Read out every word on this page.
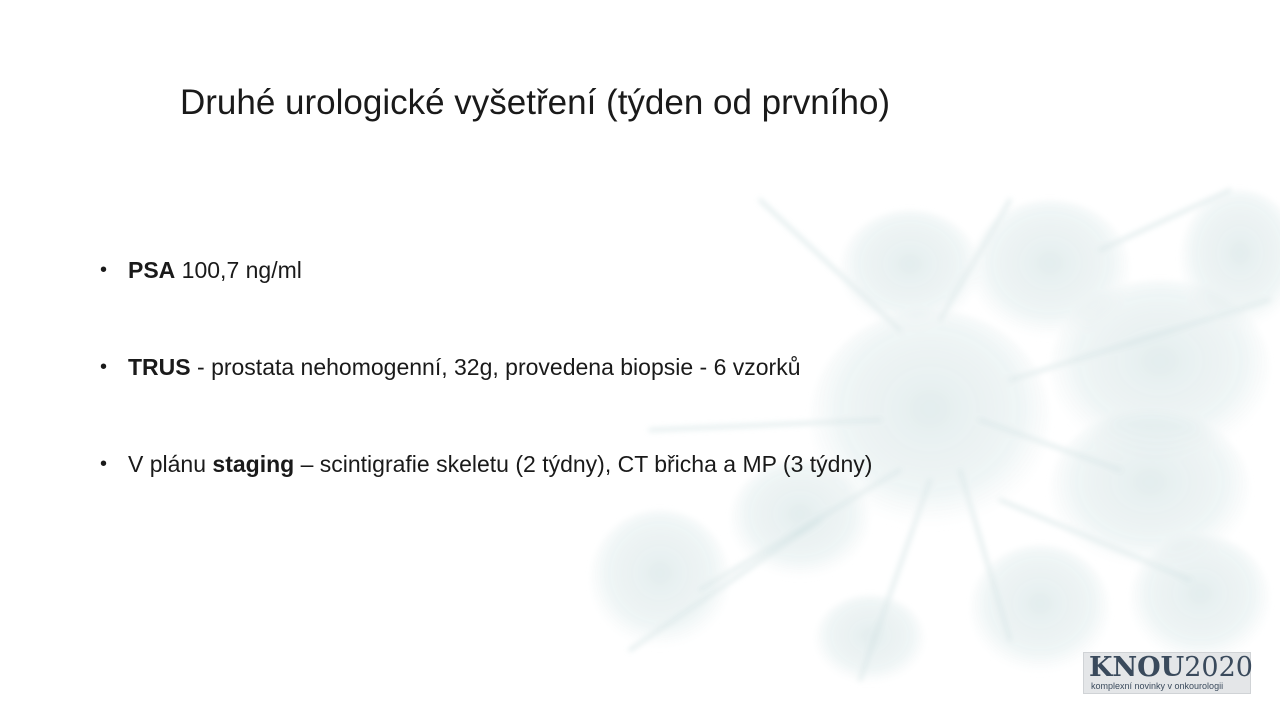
Druhé urologické vyšetření (týden od prvního)
• PSA 100,7 ng/ml
• TRUS - prostata nehomogenní, 32g, provedena biopsie - 6 vzorků
• V plánu staging – scintigrafie skeletu (2 týdny), CT břicha a MP (3 týdny)
KNOU2020
komplexní novinky v onkourologii
